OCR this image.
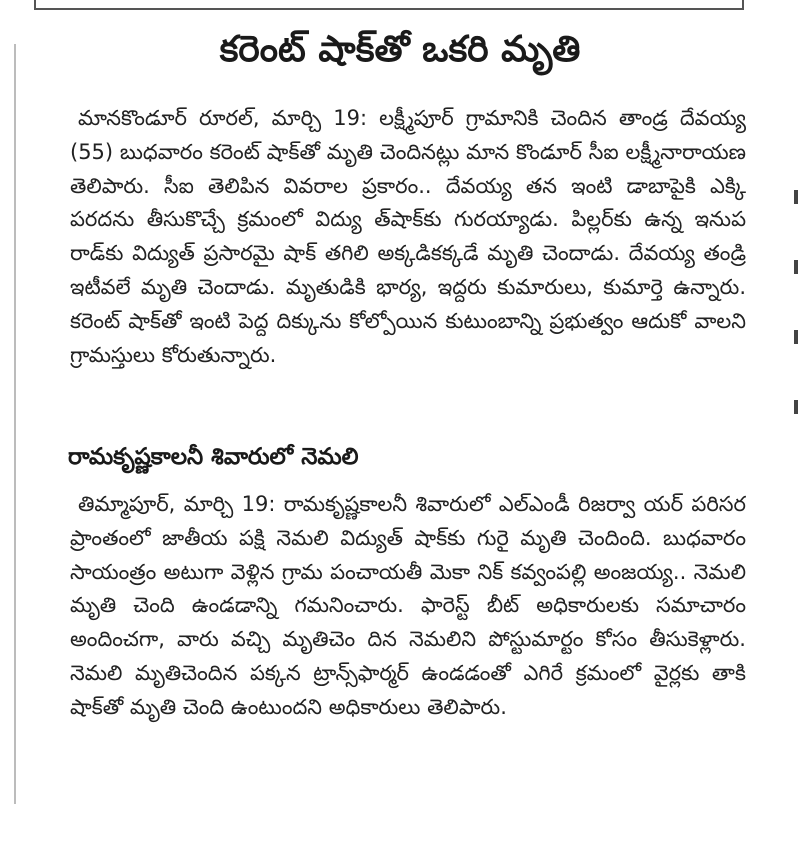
కరెంట్ షాక్‌తో ఒకరి మృతి

మానకొండూర్ రూరల్, మార్చి 19: లక్ష్మీపూర్ గ్రామానికి చెందిన తాండ్ర దేవయ్య (55) బుధవారం కరెంట్ షాక్‌తో మృతి చెందినట్లు మాన కొండూర్ సీఐ లక్ష్మీనారాయణ తెలిపారు. సీఐ తెలిపిన వివరాల ప్రకారం.. దేవయ్య తన ఇంటి డాబాపైకి ఎక్కి పరదను తీసుకొచ్చే క్రమంలో విద్యు త్‌షాక్‌కు గురయ్యాడు. పిల్లర్‌కు ఉన్న ఇనుప రాడ్‌కు విద్యుత్ ప్రసారమై షాక్ తగిలి అక్కడికక్కడే మృతి చెందాడు. దేవయ్య తండ్రి ఇటీవలే మృతి చెందాడు. మృతుడికి భార్య, ఇద్దరు కుమారులు, కుమార్తె ఉన్నారు. కరెంట్ షాక్‌తో ఇంటి పెద్ద దిక్కును కోల్పోయిన కుటుంబాన్ని ప్రభుత్వం ఆదుకో వాలని గ్రామస్తులు కోరుతున్నారు.

రామకృష్ణకాలనీ శివారులో నెమలి

తిమ్మాపూర్, మార్చి 19: రామకృష్ణకాలనీ శివారులో ఎల్‌ఎండీ రిజర్వా యర్ పరిసర ప్రాంతంలో జాతీయ పక్షి నెమలి విద్యుత్ షాక్‌కు గురై మృతి చెందింది. బుధవారం సాయంత్రం అటుగా వెళ్లిన గ్రామ పంచాయతీ మెకా నిక్ కవ్వంపల్లి అంజయ్య.. నెమలి మృతి చెంది ఉండడాన్ని గమనించారు. ఫారెస్ట్ బీట్ అధికారులకు సమాచారం అందించగా, వారు వచ్చి మృతిచెం దిన నెమలిని పోస్టుమార్టం కోసం తీసుకెళ్లారు. నెమలి మృతిచెందిన పక్కన ట్రాన్స్‌ఫార్మర్ ఉండడంతో ఎగిరే క్రమంలో వైర్లకు తాకి షాక్‌తో మృతి చెంది ఉంటుందని అధికారులు తెలిపారు.
